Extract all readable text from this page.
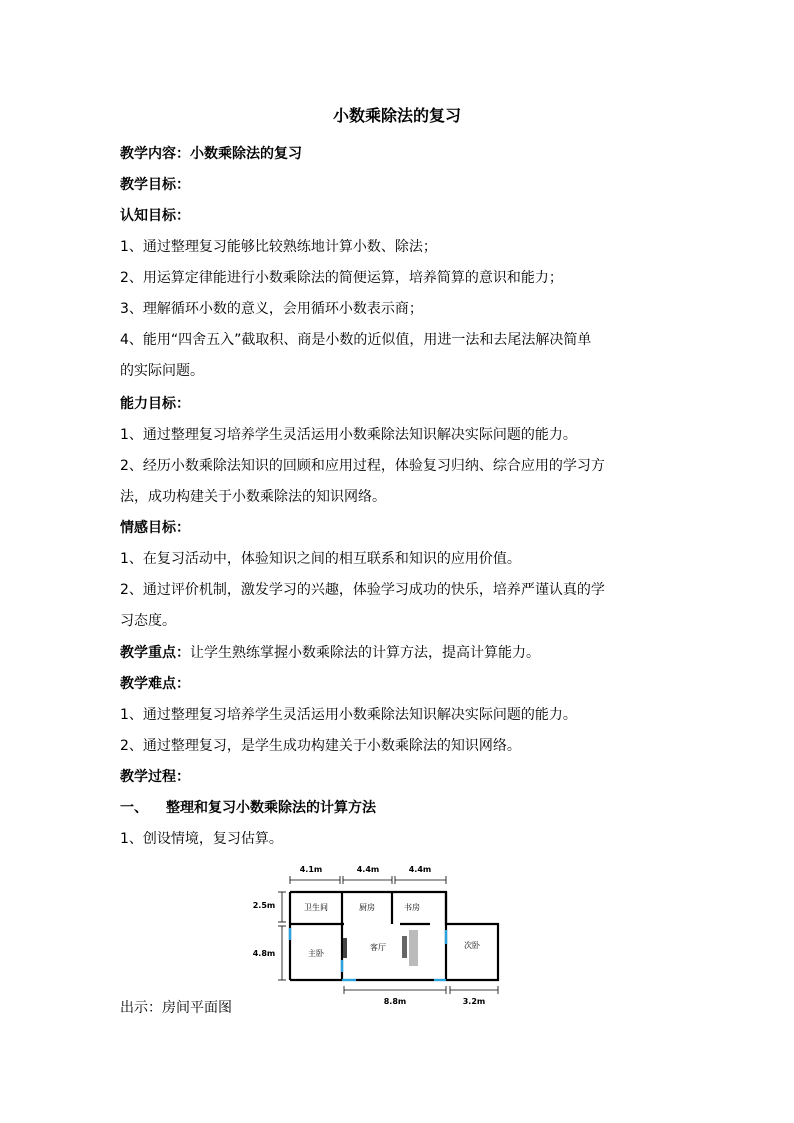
小数乘除法的复习
教学内容：小数乘除法的复习
教学目标：
认知目标：
1、通过整理复习能够比较熟练地计算小数、除法；
2、用运算定律能进行小数乘除法的简便运算，培养简算的意识和能力；
3、理解循环小数的意义，会用循环小数表示商；
4、能用“四舍五入”截取积、商是小数的近似值，用进一法和去尾法解决简单
的实际问题。
能力目标：
1、通过整理复习培养学生灵活运用小数乘除法知识解决实际问题的能力。
2、经历小数乘除法知识的回顾和应用过程，体验复习归纳、综合应用的学习方
法，成功构建关于小数乘除法的知识网络。
情感目标：
1、在复习活动中，体验知识之间的相互联系和知识的应用价值。
2、通过评价机制，激发学习的兴趣，体验学习成功的快乐，培养严谨认真的学
习态度。
教学重点：让学生熟练掌握小数乘除法的计算方法，提高计算能力。
教学难点：
1、通过整理复习培养学生灵活运用小数乘除法知识解决实际问题的能力。
2、通过整理复习，是学生成功构建关于小数乘除法的知识网络。
教学过程：
一、 整理和复习小数乘除法的计算方法
1、创设情境，复习估算。
4.1m	4.4m	4.4m
2.5m
4.8m
卫生间	厨房	书房
主卧
客厅	次卧
8.8m	3.2m
出示：房间平面图
